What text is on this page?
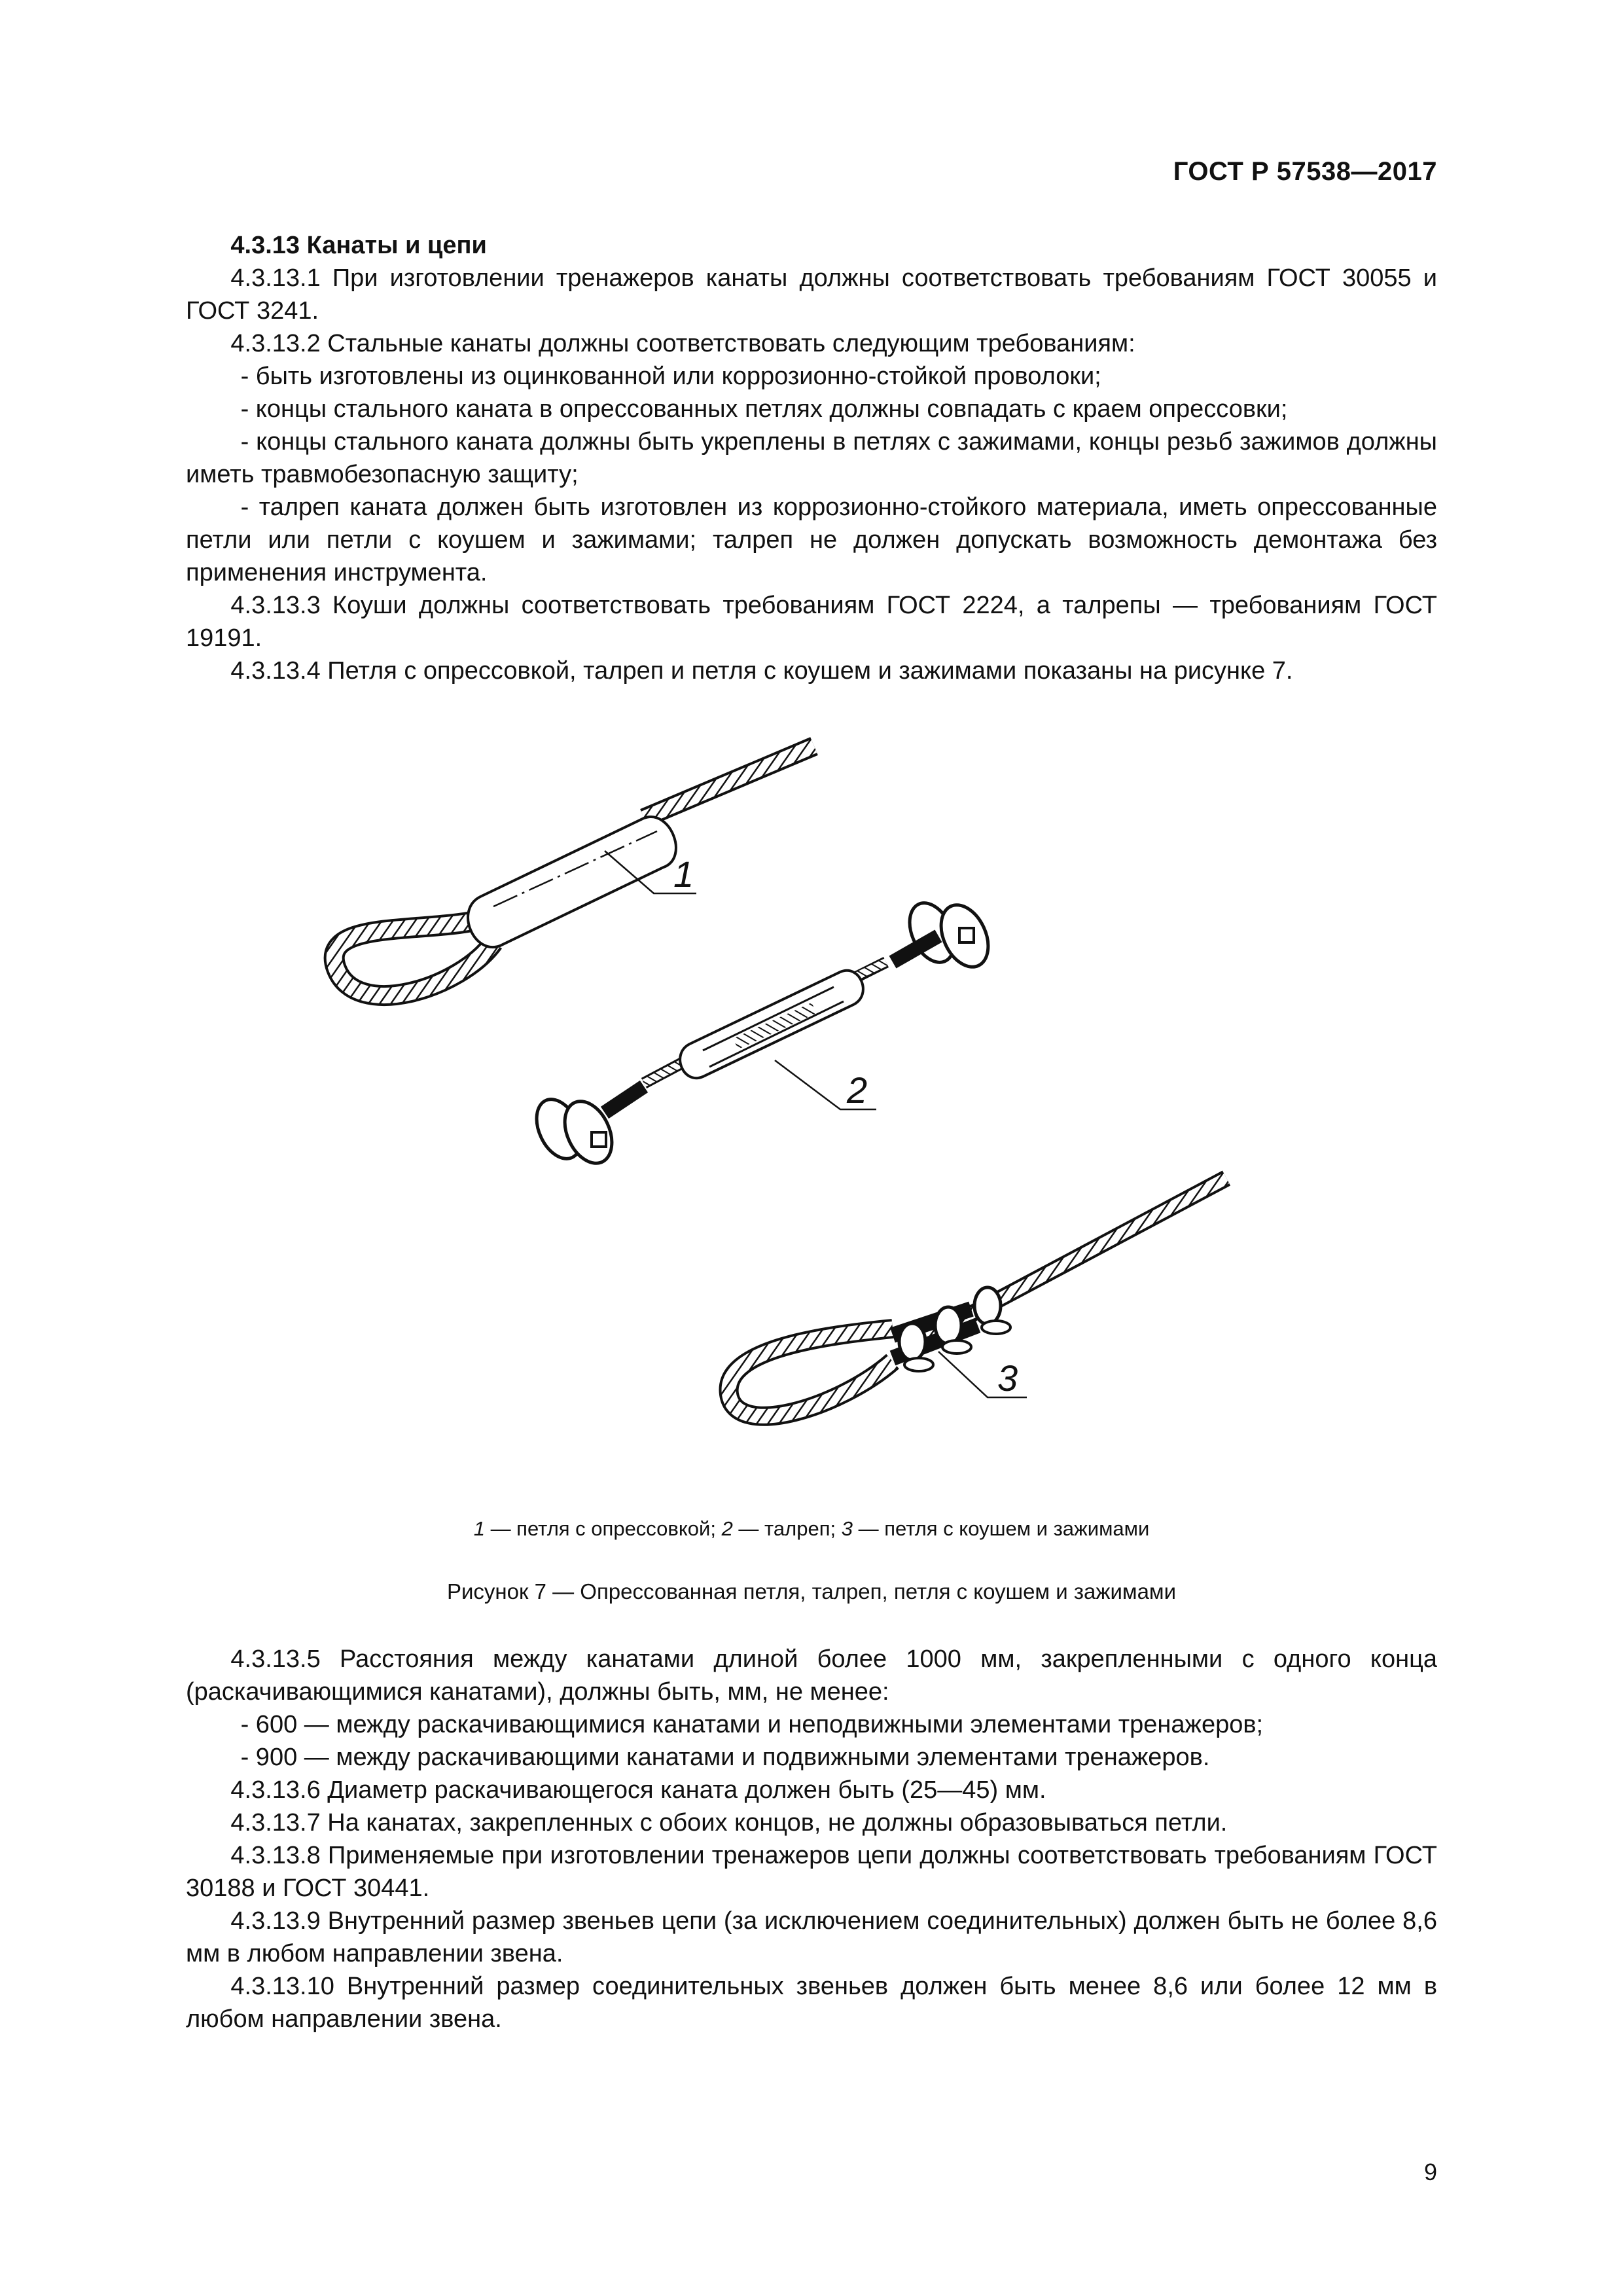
ГОСТ Р 57538—2017

4.3.13 Канаты и цепи

4.3.13.1 При изготовлении тренажеров канаты должны соответствовать требованиям ГОСТ 30055 и ГОСТ 3241.

4.3.13.2 Стальные канаты должны соответствовать следующим требованиям:

- быть изготовлены из оцинкованной или коррозионно-стойкой проволоки;

- концы стального каната в опрессованных петлях должны совпадать с краем опрессовки;

- концы стального каната должны быть укреплены в петлях с зажимами, концы резьб зажимов должны иметь травмобезопасную защиту;

- талреп каната должен быть изготовлен из коррозионно-стойкого материала, иметь опрессованные петли или петли с коушем и зажимами; талреп не должен допускать возможность демонтажа без применения инструмента.

4.3.13.3 Коуши должны соответствовать требованиям ГОСТ 2224, а талрепы — требованиям ГОСТ 19191.

4.3.13.4 Петля с опрессовкой, талреп и петля с коушем и зажимами показаны на рисунке 7.

1
2
3
1 — петля с опрессовкой; 2 — талреп; 3 — петля с коушем и зажимами
Рисунок 7 — Опрессованная петля, талреп, петля с коушем и зажимами

4.3.13.5 Расстояния между канатами длиной более 1000 мм, закрепленными с одного конца (раскачивающимися канатами), должны быть, мм, не менее:

- 600 — между раскачивающимися канатами и неподвижными элементами тренажеров;

- 900 — между раскачивающими канатами и подвижными элементами тренажеров.

4.3.13.6 Диаметр раскачивающегося каната должен быть (25—45) мм.

4.3.13.7 На канатах, закрепленных с обоих концов, не должны образовываться петли.

4.3.13.8 Применяемые при изготовлении тренажеров цепи должны соответствовать требованиям ГОСТ 30188 и ГОСТ 30441.

4.3.13.9 Внутренний размер звеньев цепи (за исключением соединительных) должен быть не более 8,6 мм в любом направлении звена.

4.3.13.10 Внутренний размер соединительных звеньев должен быть менее 8,6 или более 12 мм в любом направлении звена.

9
